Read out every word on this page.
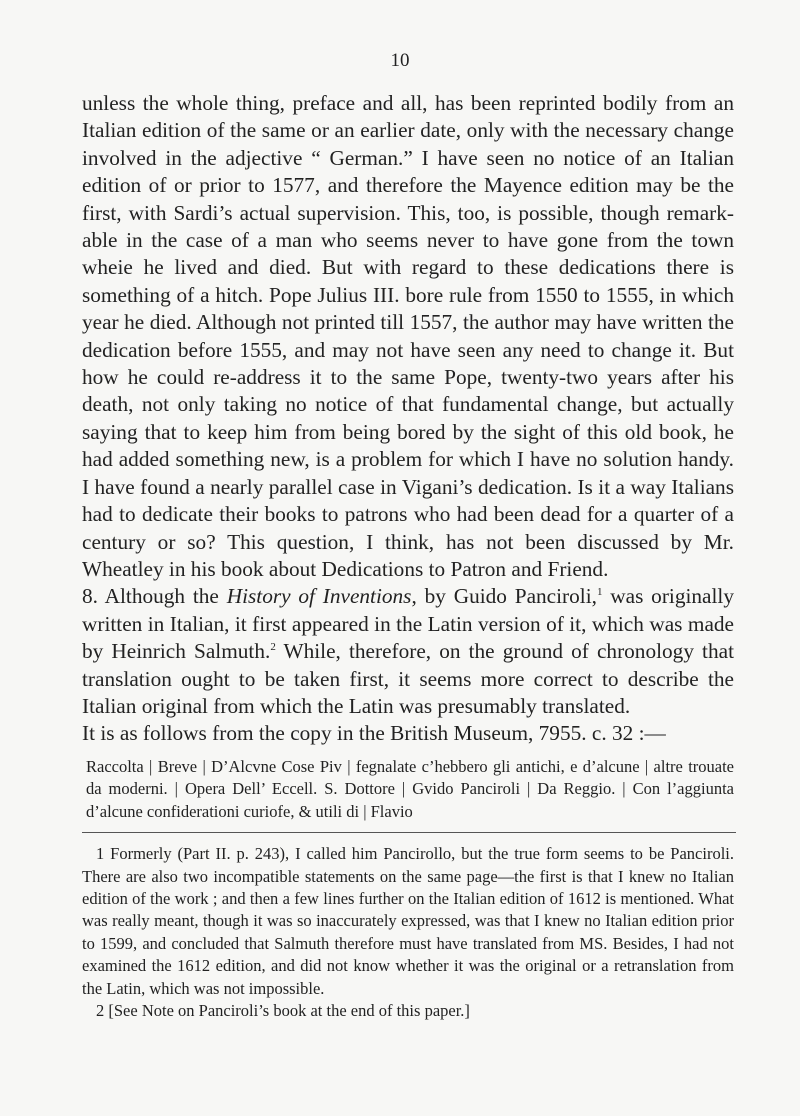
10

unless the whole thing, preface and all, has been reprinted bodily from an Italian edition of the same or an earlier date, only with the necessary change involved in the adjective “ German.” I have seen no notice of an Italian edition of or prior to 1577, and therefore the Mayence edition may be the first, with Sardi’s actual supervision. This, too, is possible, though remark- able in the case of a man who seems never to have gone from the town wheie he lived and died. But with regard to these dedications there is something of a hitch. Pope Julius III. bore rule from 1550 to 1555, in which year he died. Although not printed till 1557, the author may have written the dedication before 1555, and may not have seen any need to change it. But how he could re-address it to the same Pope, twenty-two years after his death, not only taking no notice of that fundamental change, but actually saying that to keep him from being bored by the sight of this old book, he had added something new, is a problem for which I have no solution handy. I have found a nearly parallel case in Vigani’s dedication. Is it a way Italians had to dedicate their books to patrons who had been dead for a quarter of a century or so? This question, I think, has not been discussed by Mr. Wheatley in his book about Dedications to Patron and Friend.

8. Although the History of Inventions, by Guido Panciroli,$^1$ was originally written in Italian, it first appeared in the Latin version of it, which was made by Heinrich Salmuth.$^2$ While, therefore, on the ground of chronology that translation ought to be taken first, it seems more correct to describe the Italian original from which the Latin was presumably translated.

It is as follows from the copy in the British Museum, 7955. c. 32 :—

Raccolta | Breve | D’Alcvne Cose Piv | fegnalate c’hebbero gli antichi, e d’alcune | altre trouate da moderni. | Opera Dell’ Eccell. S. Dottore | Gvido Panciroli | Da Reggio. | Con l’aggiunta d’alcune confiderationi curiofe, & utili di | Flavio

1 Formerly (Part II. p. 243), I called him Pancirollo, but the true form seems to be Panciroli. There are also two incompatible statements on the same page—the first is that I knew no Italian edition of the work ; and then a few lines further on the Italian edition of 1612 is mentioned. What was really meant, though it was so inaccurately expressed, was that I knew no Italian edition prior to 1599, and concluded that Salmuth therefore must have translated from MS. Besides, I had not examined the 1612 edition, and did not know whether it was the original or a retranslation from the Latin, which was not impossible.

2 [See Note on Panciroli’s book at the end of this paper.]
